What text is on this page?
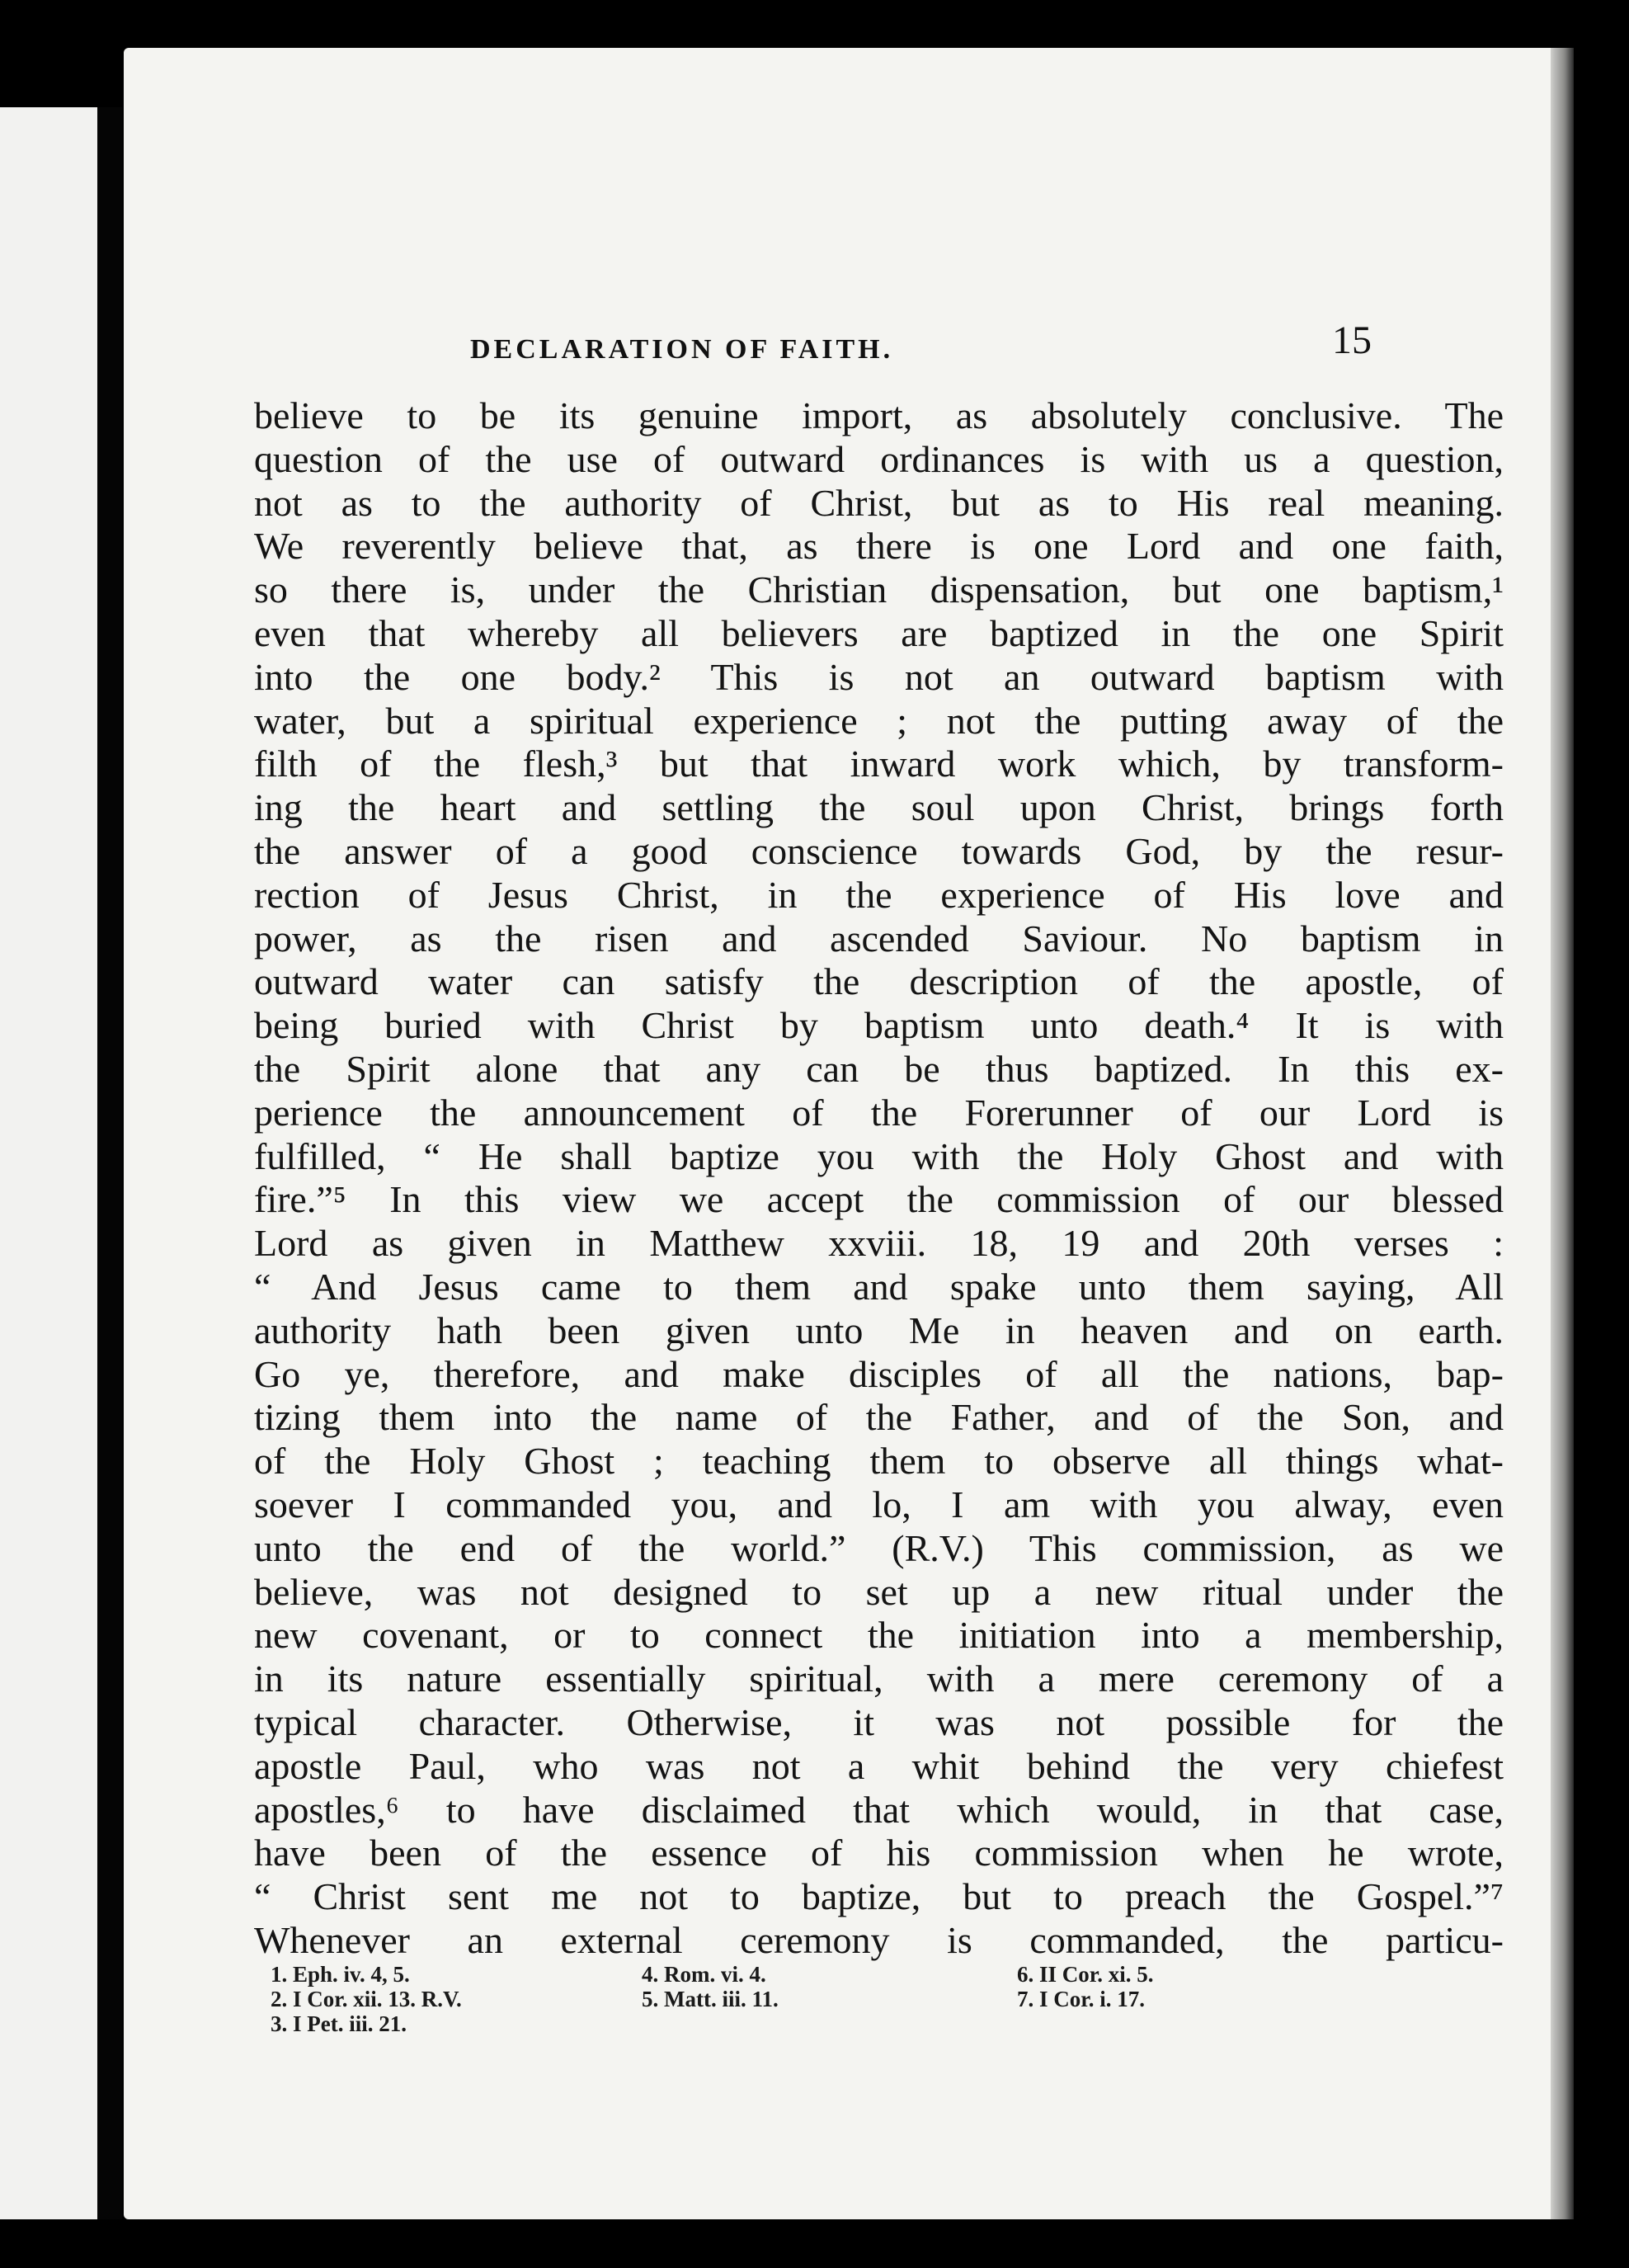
DECLARATION OF FAITH.	15
believe to be its genuine import, as absolutely conclusive. The
question of the use of outward ordinances is with us a question,
not as to the authority of Christ, but as to His real meaning.
We reverently believe that, as there is one Lord and one faith,
so there is, under the Christian dispensation, but one baptism,¹
even that whereby all believers are baptized in the one Spirit
into the one body.² This is not an outward baptism with
water, but a spiritual experience ; not the putting away of the
filth of the flesh,³ but that inward work which, by transform-
ing the heart and settling the soul upon Christ, brings forth
the answer of a good conscience towards God, by the resur-
rection of Jesus Christ, in the experience of His love and
power, as the risen and ascended Saviour. No baptism in
outward water can satisfy the description of the apostle, of
being buried with Christ by baptism unto death.⁴ It is with
the Spirit alone that any can be thus baptized. In this ex-
perience the announcement of the Forerunner of our Lord is
fulfilled, “ He shall baptize you with the Holy Ghost and with
fire.”⁵ In this view we accept the commission of our blessed
Lord as given in Matthew xxviii. 18, 19 and 20th verses :
“ And Jesus came to them and spake unto them saying, All
authority hath been given unto Me in heaven and on earth.
Go ye, therefore, and make disciples of all the nations, bap-
tizing them into the name of the Father, and of the Son, and
of the Holy Ghost ; teaching them to observe all things what-
soever I commanded you, and lo, I am with you alway, even
unto the end of the world.” (R.V.) This commission, as we
believe, was not designed to set up a new ritual under the
new covenant, or to connect the initiation into a membership,
in its nature essentially spiritual, with a mere ceremony of a
typical character. Otherwise, it was not possible for the
apostle Paul, who was not a whit behind the very chiefest
apostles,⁶ to have disclaimed that which would, in that case,
have been of the essence of his commission when he wrote,
“ Christ sent me not to baptize, but to preach the Gospel.”⁷
Whenever an external ceremony is commanded, the particu-
1. Eph. iv. 4, 5.
2. I Cor. xii. 13. R.V.
3. I Pet. iii. 21.
4. Rom. vi. 4.
5. Matt. iii. 11.
6. II Cor. xi. 5.
7. I Cor. i. 17.
